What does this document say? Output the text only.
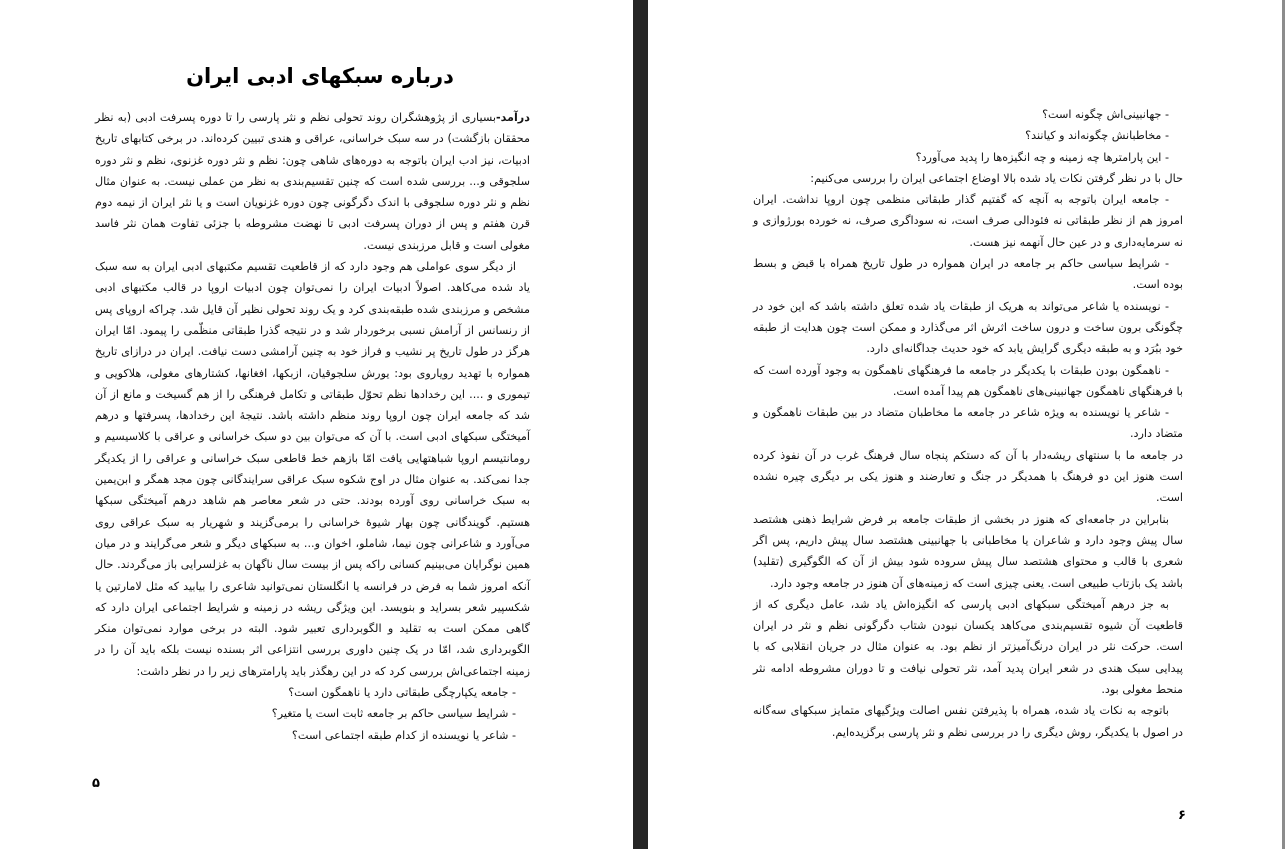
درباره سبکهای ادبی ایران

درآمد-بسیاری از پژوهشگران روند تحولی نظم و نثر پارسی را تا دوره پسرفت ادبی (به نظر محققان بازگشت) در سه سبک خراسانی، عراقی و هندی تبیین کرده‌اند. در برخی کتابهای تاریخ ادبیات، نیز ادب ایران باتوجه به دوره‌های شاهی چون: نظم و نثر دوره غزنوی، نظم و نثر دوره سلجوقی و... بررسی شده است که چنین تقسیم‌بندی به نظر من عملی نیست. به عنوان مثال نظم و نثر دوره سلجوقی با اندک دگرگونی چون دوره غزنویان است و یا نثر ایران از نیمه دوم قرن هفتم و پس از دوران پسرفت ادبی تا نهضت مشروطه با جزئی تفاوت همان نثر فاسد مغولی است و قابل مرزبندی نیست.

از دیگر سوی عواملی هم وجود دارد که از قاطعیت تقسیم مکتبهای ادبی ایران به سه سبک یاد شده می‌کاهد. اصولاً ادبیات ایران را نمی‌توان چون ادبیات اروپا در قالب مکتبهای ادبی مشخص و مرزبندی شده طبقه‌بندی کرد و یک روند تحولی نظیر آن قایل شد. چراکه اروپای پس از رنسانس از آرامش نسبی برخوردار شد و در نتیجه گذرا طبقاتی منظّمی را پیمود. امّا ایران هرگز در طول تاریخ پر نشیب و فراز خود به چنین آرامشی دست نیافت. ایران در درازای تاریخ همواره با تهدید رویاروی بود: یورش سلجوقیان، ازبکها، افغانها، کشتارهای مغولی، هلاکویی و تیموری و .... این رخدادها نظم تحوّل طبقاتی و تکامل فرهنگی را از هم گسیخت و مانع از آن شد که جامعه ایران چون اروپا روند منظم داشته باشد. نتیجهٔ این رخدادها، پسرفتها و درهم آمیختگی سبکهای ادبی است. با آن که می‌توان بین دو سبک خراسانی و عراقی با کلاسیسیم و رومانتیسم اروپا شباهتهایی یافت امّا بازهم خط قاطعی سبک خراسانی و عراقی را از یکدیگر جدا نمی‌کند. به عنوان مثال در اوج شکوه سبک عراقی سرایندگانی چون مجد همگر و ابن‌یمین به سبک خراسانی روی آورده بودند. حتی در شعر معاصر هم شاهد درهم آمیختگی سبکها هستیم. گویندگانی چون بهار شیوهٔ خراسانی را برمی‌گزیند و شهریار به سبک عراقی روی می‌آورد و شاعرانی چون نیما، شاملو، اخوان و... به سبکهای دیگر و شعر می‌گرایند و در میان همین نوگرایان می‌بینیم کسانی راکه پس از بیست سال ناگهان به غزلسرایی باز می‌گردند. حال آنکه امروز شما به فرض در فرانسه یا انگلستان نمی‌توانید شاعری را بیابید که مثل لامارتین یا شکسپیر شعر بسراید و بنویسد. این ویژگی ریشه در زمینه و شرایط اجتماعی ایران دارد که گاهی ممکن است به تقلید و الگوبرداری تعبیر شود. البته در برخی موارد نمی‌توان منکر الگوبرداری شد، امّا در یک چنین داوری بررسی انتزاعی اثر بسنده نیست بلکه باید آن را در زمینه اجتماعی‌اش بررسی کرد که در این رهگذر باید پارامترهای زیر را در نظر داشت:

- جامعه یکپارچگی طبقاتی دارد یا ناهمگون است؟

- شرایط سیاسی حاکم بر جامعه ثابت است یا متغیر؟

- شاعر یا نویسنده از کدام طبقه اجتماعی است؟

۵

- جهانبینی‌اش چگونه است؟

- مخاطبانش چگونه‌اند و کیانند؟

- این پارامترها چه زمینه و چه انگیزه‌ها را پدید می‌آورد؟

حال با در نظر گرفتن نکات یاد شده بالا اوضاع اجتماعی ایران را بررسی می‌کنیم:

- جامعه ایران باتوجه به آنچه که گفتیم گذار طبقاتی منظمی چون اروپا نداشت. ایران امروز هم از نظر طبقاتی نه فئودالی صرف است، نه سوداگری صرف، نه خورده بورژوازی و نه سرمایه‌داری و در عین حال آنهمه نیز هست.

- شرایط سیاسی حاکم بر جامعه در ایران همواره در طول تاریخ همراه با قبض و بسط بوده است.

- نویسنده یا شاعر می‌تواند به هریک از طبقات یاد شده تعلق داشته باشد که این خود در چگونگی برون ساخت و درون ساخت اثرش اثر می‌گذارد و ممکن است چون هدایت از طبقه خود ببُرَد و به طبقه دیگری گرایش یابد که خود حدیث جداگانه‌ای دارد.

- ناهمگون بودن طبقات با یکدیگر در جامعه ما فرهنگهای ناهمگون به وجود آورده است که با فرهنگهای ناهمگون جهانبینی‌های ناهمگون هم پیدا آمده است.

- شاعر یا نویسنده به ویژه شاعر در جامعه ما مخاطبان متضاد در بین طبقات ناهمگون و متضاد دارد.

در جامعه ما با سنتهای ریشه‌دار با آن که دستکم پنجاه سال فرهنگ غرب در آن نفوذ کرده است هنوز این دو فرهنگ با همدیگر در جنگ و تعارضند و هنوز یکی بر دیگری چیره نشده است.

بنابراین در جامعه‌ای که هنوز در بخشی از طبقات جامعه بر فرض شرایط ذهنی هشتصد سال پیش وجود دارد و شاعران یا مخاطبانی با جهانبینی هشتصد سال پیش داریم، پس اگر شعری با قالب و محتوای هشتصد سال پیش سروده شود بیش از آن که الگوگیری (تقلید) باشد یک بازتاب طبیعی است. یعنی چیزی است که زمینه‌های آن هنوز در جامعه وجود دارد.

به جز درهم آمیختگی سبکهای ادبی پارسی که انگیزه‌اش یاد شد، عامل دیگری که از قاطعیت آن شیوه تقسیم‌بندی می‌کاهد یکسان نبودن شتاب دگرگونی نظم و نثر در ایران است. حرکت نثر در ایران درنگ‌آمیزتر از نظم بود. به عنوان مثال در جریان انقلابی که با پیدایی سبک هندی در شعر ایران پدید آمد، نثر تحولی نیافت و تا دوران مشروطه ادامه نثر منحط مغولی بود.

باتوجه به نکات یاد شده، همراه با پذیرفتن نفس اصالت ویژگیهای متمایز سبکهای سه‌گانه در اصول با یکدیگر، روش دیگری را در بررسی نظم و نثر پارسی برگزیده‌ایم.

۶
